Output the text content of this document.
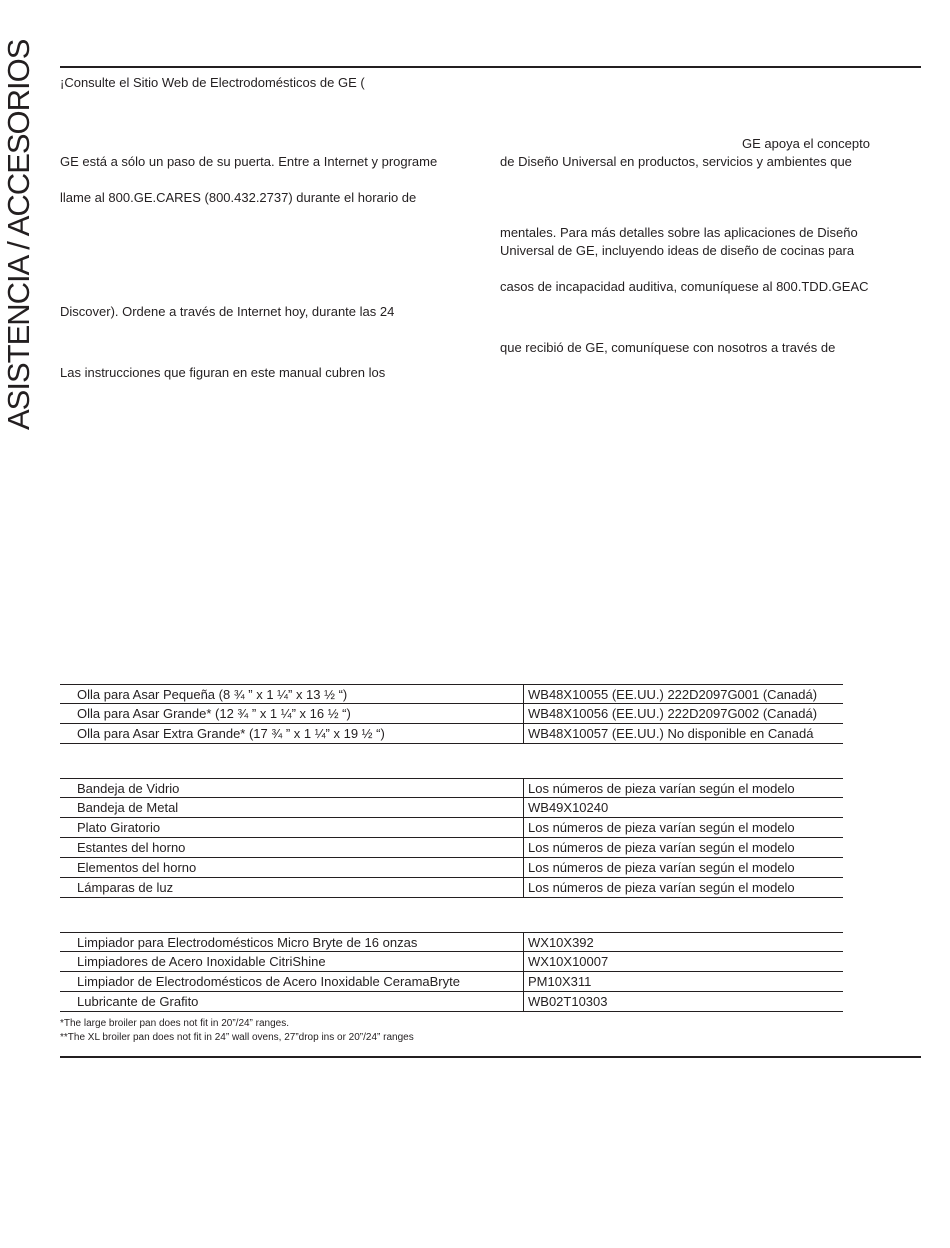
ASISTENCIA / ACCESORIOS ¡Consulte el Sitio Web de Electrodomésticos de GE (
GE está a sólo un paso de su puerta. Entre a Internet y programe
llame al 800.GE.CARES (800.432.2737) durante el horario de
Discover). Ordene a través de Internet hoy, durante las 24
Las instrucciones que figuran en este manual cubren los
GE apoya el concepto
de Diseño Universal en productos, servicios y ambientes que
mentales. Para más detalles sobre las aplicaciones de Diseño
Universal de GE, incluyendo ideas de diseño de cocinas para
casos de incapacidad auditiva, comuníquese al 800.TDD.GEAC
que recibió de GE, comuníquese con nosotros a través de
Olla para Asar Pequeña (8 ¾ ” x 1 ¼” x 13 ½ “)	WB48X10055 (EE.UU.) 222D2097G001 (Canadá)
Olla para Asar Grande* (12 ¾ ” x 1 ¼” x 16 ½ “)	WB48X10056 (EE.UU.) 222D2097G002 (Canadá)
Olla para Asar Extra Grande* (17 ¾ ” x 1 ¼” x 19 ½ “)	WB48X10057 (EE.UU.) No disponible en Canadá
Bandeja de Vidrio	Los números de pieza varían según el modelo
Bandeja de Metal	WB49X10240
Plato Giratorio	Los números de pieza varían según el modelo
Estantes del horno	Los números de pieza varían según el modelo
Elementos del horno	Los números de pieza varían según el modelo
Lámparas de luz	Los números de pieza varían según el modelo
Limpiador para Electrodomésticos Micro Bryte de 16 onzas	WX10X392
Limpiadores de Acero Inoxidable CitriShine	WX10X10007
Limpiador de Electrodomésticos de Acero Inoxidable CeramaBryte	PM10X311
Lubricante de Grafito	WB02T10303
*The large broiler pan does not fit in 20”/24” ranges.
**The XL broiler pan does not fit in 24” wall ovens, 27”drop ins or 20”/24” ranges
